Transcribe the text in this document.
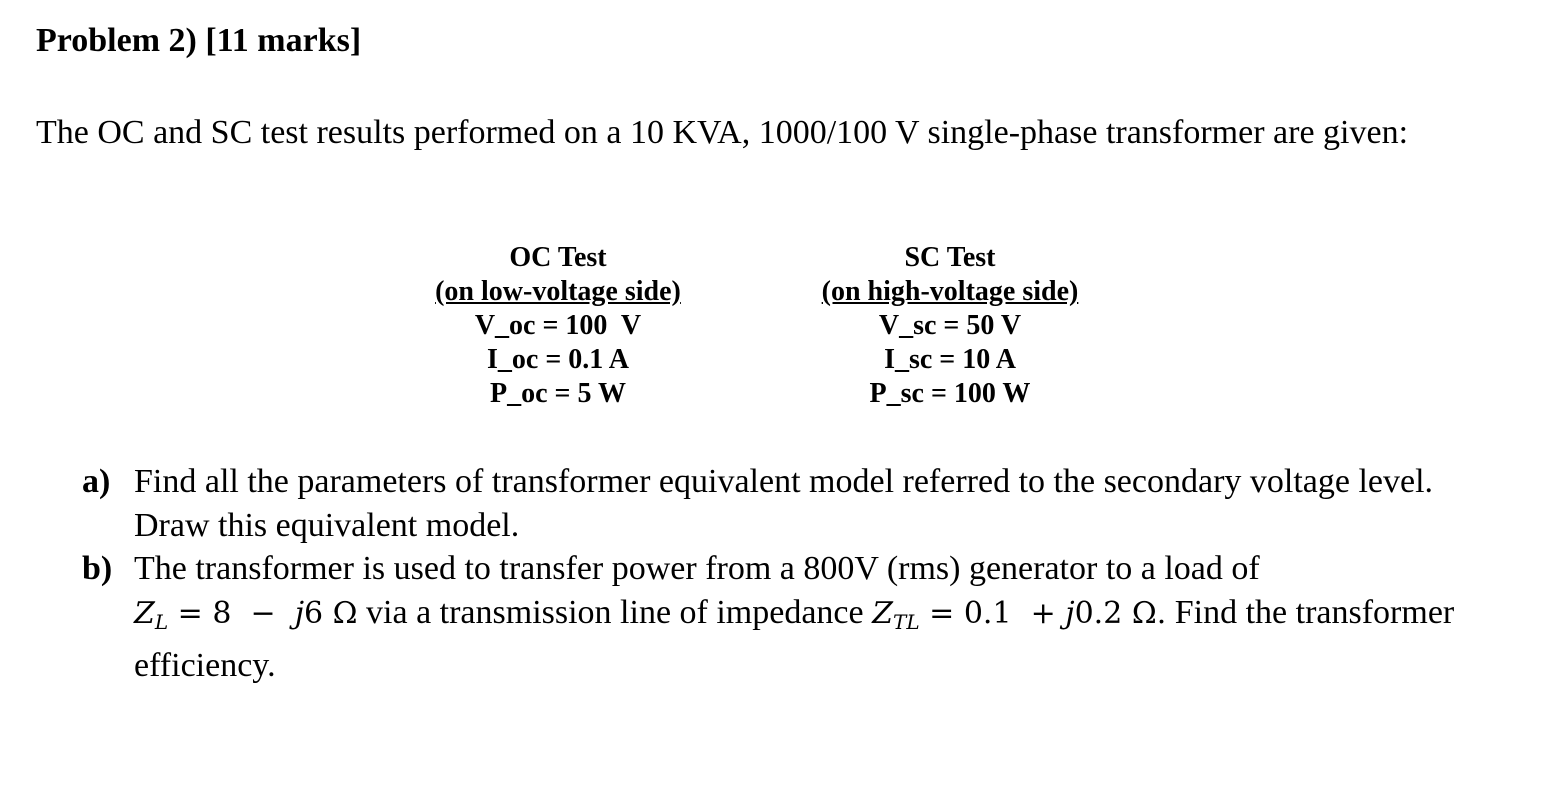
Problem 2) [11 marks]
The OC and SC test results performed on a 10 KVA, 1000/100 V single-phase transformer are given:
OC Test
(on low-voltage side)
V_oc = 100  V
I_oc = 0.1 A
P_oc = 5 W
SC Test
(on high-voltage side)
V_sc = 50 V
I_sc = 10 A
P_sc = 100 W
a) Find all the parameters of transformer equivalent model referred to the secondary voltage level. Draw this equivalent model.
b) The transformer is used to transfer power from a 800V (rms) generator to a load of
$Z_L = 8 - j6$ Ω via a transmission line of impedance $Z_{TL} = 0.1 + j0.2$ Ω. Find the transformer efficiency.
